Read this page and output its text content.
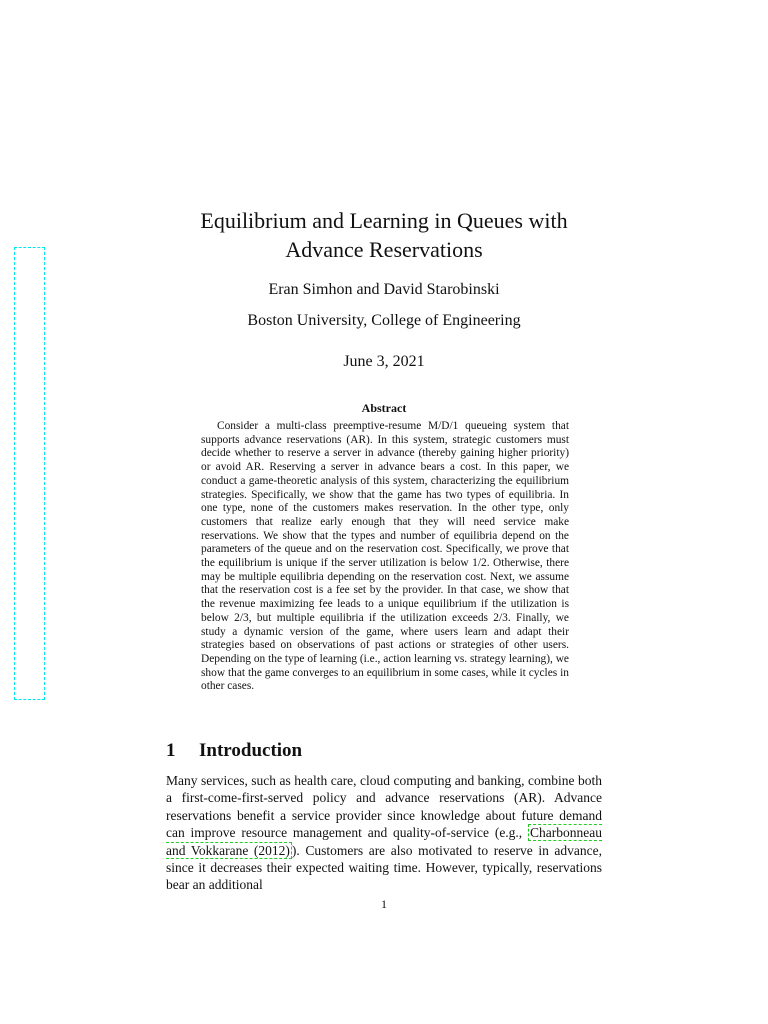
Equilibrium and Learning in Queues with
Advance Reservations
Eran Simhon and David Starobinski
Boston University, College of Engineering
June 3, 2021
Abstract
Consider a multi-class preemptive-resume M/D/1 queueing system that supports advance reservations (AR). In this system, strategic customers must decide whether to reserve a server in advance (thereby gaining higher priority) or avoid AR. Reserving a server in advance bears a cost. In this paper, we conduct a game-theoretic analysis of this system, characterizing the equilibrium strategies. Specifically, we show that the game has two types of equilibria. In one type, none of the customers makes reservation. In the other type, only customers that realize early enough that they will need service make reservations. We show that the types and number of equilibria depend on the parameters of the queue and on the reservation cost. Specifically, we prove that the equilibrium is unique if the server utilization is below 1/2. Otherwise, there may be multiple equilibria depending on the reservation cost. Next, we assume that the reservation cost is a fee set by the provider. In that case, we show that the revenue maximizing fee leads to a unique equilibrium if the utilization is below 2/3, but multiple equilibria if the utilization exceeds 2/3. Finally, we study a dynamic version of the game, where users learn and adapt their strategies based on observations of past actions or strategies of other users. Depending on the type of learning (i.e., action learning vs. strategy learning), we show that the game converges to an equilibrium in some cases, while it cycles in other cases.
1 Introduction
Many services, such as health care, cloud computing and banking, combine both a first-come-first-served policy and advance reservations (AR). Advance reservations benefit a service provider since knowledge about future demand can improve resource management and quality-of-service (e.g., Charbonneau and Vokkarane (2012) ). Customers are also motivated to reserve in advance, since it decreases their expected waiting time. However, typically, reservations bear an additional
1
